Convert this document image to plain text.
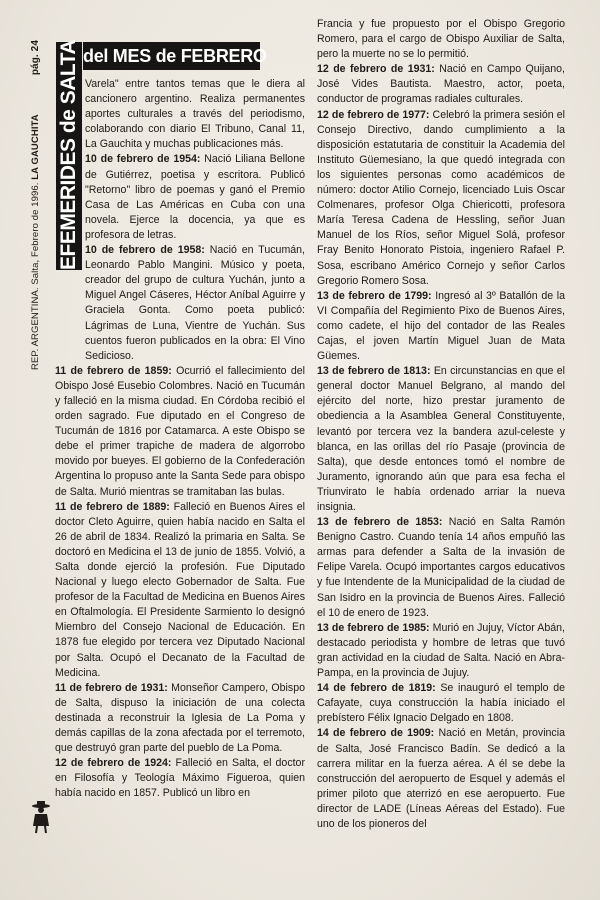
REP. ARGENTINA. Salta, Febrero de 1996. LA GAUCHITA
pág. 24 EFEMERIDES de SALTA del MES de FEBRERO

Varela" entre tantos temas que le diera al cancionero argentino. Realiza permanentes aportes culturales a través del periodismo, colaborando con diario El Tribuno, Canal 11, La Gauchita y muchas publicaciones más.

10 de febrero de 1954: Nació Liliana Bellone de Gutiérrez, poetisa y escritora. Publicó "Retorno" libro de poemas y ganó el Premio Casa de Las Américas en Cuba con una novela. Ejerce la docencia, ya que es profesora de letras.

10 de febrero de 1958: Nació en Tucumán, Leonardo Pablo Mangini. Músico y poeta, creador del grupo de cultura Yuchán, junto a Miguel Angel Cáseres, Héctor Aníbal Aguirre y Graciela Gonta. Como poeta publicó: Lágrimas de Luna, Vientre de Yuchán. Sus cuentos fueron publicados en la obra: El Vino Sedicioso.

11 de febrero de 1859: Ocurrió el fallecimiento del Obispo José Eusebio Colombres. Nació en Tucumán y falleció en la misma ciudad. En Córdoba recibió el orden sagrado. Fue diputado en el Congreso de Tucumán de 1816 por Catamarca. A este Obispo se debe el primer trapiche de madera de algorrobo movido por bueyes. El gobierno de la Confederación Argentina lo propuso ante la Santa Sede para obispo de Salta. Murió mientras se tramitaban las bulas.

11 de febrero de 1889: Falleció en Buenos Aires el doctor Cleto Aguirre, quien había nacido en Salta el 26 de abril de 1834. Realizó la primaria en Salta. Se doctoró en Medicina el 13 de junio de 1855. Volvió, a Salta donde ejerció la profesión. Fue Diputado Nacional y luego electo Gobernador de Salta. Fue profesor de la Facultad de Medicina en Buenos Aires en Oftalmología. El Presidente Sarmiento lo designó Miembro del Consejo Nacional de Educación. En 1878 fue elegido por tercera vez Diputado Nacional por Salta. Ocupó el Decanato de la Facultad de Medicina.

11 de febrero de 1931: Monseñor Campero, Obispo de Salta, dispuso la iniciación de una colecta destinada a reconstruir la Iglesia de La Poma y demás capillas de la zona afectada por el terremoto, que destruyó gran parte del pueblo de La Poma.

12 de febrero de 1924: Falleció en Salta, el doctor en Filosofía y Teología Máximo Figueroa, quien había nacido en 1857. Publicó un libro en

Francia y fue propuesto por el Obispo Gregorio Romero, para el cargo de Obispo Auxiliar de Salta, pero la muerte no se lo permitió.

12 de febrero de 1931: Nació en Campo Quijano, José Vides Bautista. Maestro, actor, poeta, conductor de programas radiales culturales.

12 de febrero de 1977: Celebró la primera sesión el Consejo Directivo, dando cumplimiento a la disposición estatutaria de constituir la Academia del Instituto Güemesiano, la que quedó integrada con los siguientes personas como académicos de número: doctor Atilio Cornejo, licenciado Luis Oscar Colmenares, profesor Olga Chiericotti, profesora María Teresa Cadena de Hessling, señor Juan Manuel de los Ríos, señor Miguel Solá, profesor Fray Benito Honorato Pistoia, ingeniero Rafael P. Sosa, escribano Américo Cornejo y señor Carlos Gregorio Romero Sosa.

13 de febrero de 1799: Ingresó al 3º Batallón de la VI Compañía del Regimiento Pixo de Buenos Aires, como cadete, el hijo del contador de las Reales Cajas, el joven Martín Miguel Juan de Mata Güemes.

13 de febrero de 1813: En circunstancias en que el general doctor Manuel Belgrano, al mando del ejército del norte, hizo prestar juramento de obediencia a la Asamblea General Constituyente, levantó por tercera vez la bandera azul-celeste y blanca, en las orillas del río Pasaje (provincia de Salta), que desde entonces tomó el nombre de Juramento, ignorando aún que para esa fecha el Triunvirato le había ordenado arriar la nueva insignia.

13 de febrero de 1853: Nació en Salta Ramón Benigno Castro. Cuando tenía 14 años empuñó las armas para defender a Salta de la invasión de Felipe Varela. Ocupó importantes cargos educativos y fue Intendente de la Municipalidad de la ciudad de San Isidro en la provincia de Buenos Aires. Falleció el 10 de enero de 1923.

13 de febrero de 1985: Murió en Jujuy, Víctor Abán, destacado periodista y hombre de letras que tuvó gran actividad en la ciudad de Salta. Nació en Abra-Pampa, en la provincia de Jujuy.

14 de febrero de 1819: Se inauguró el templo de Cafayate, cuya construcción la había iniciado el prebístero Félix Ignacio Delgado en 1808.

14 de febrero de 1909: Nació en Metán, provincia de Salta, José Francisco Badín. Se dedicó a la carrera militar en la fuerza aérea. A él se debe la construcción del aeropuerto de Esquel y además el primer piloto que aterrizó en ese aeropuerto. Fue director de LADE (Líneas Aéreas del Estado). Fue uno de los pioneros del
